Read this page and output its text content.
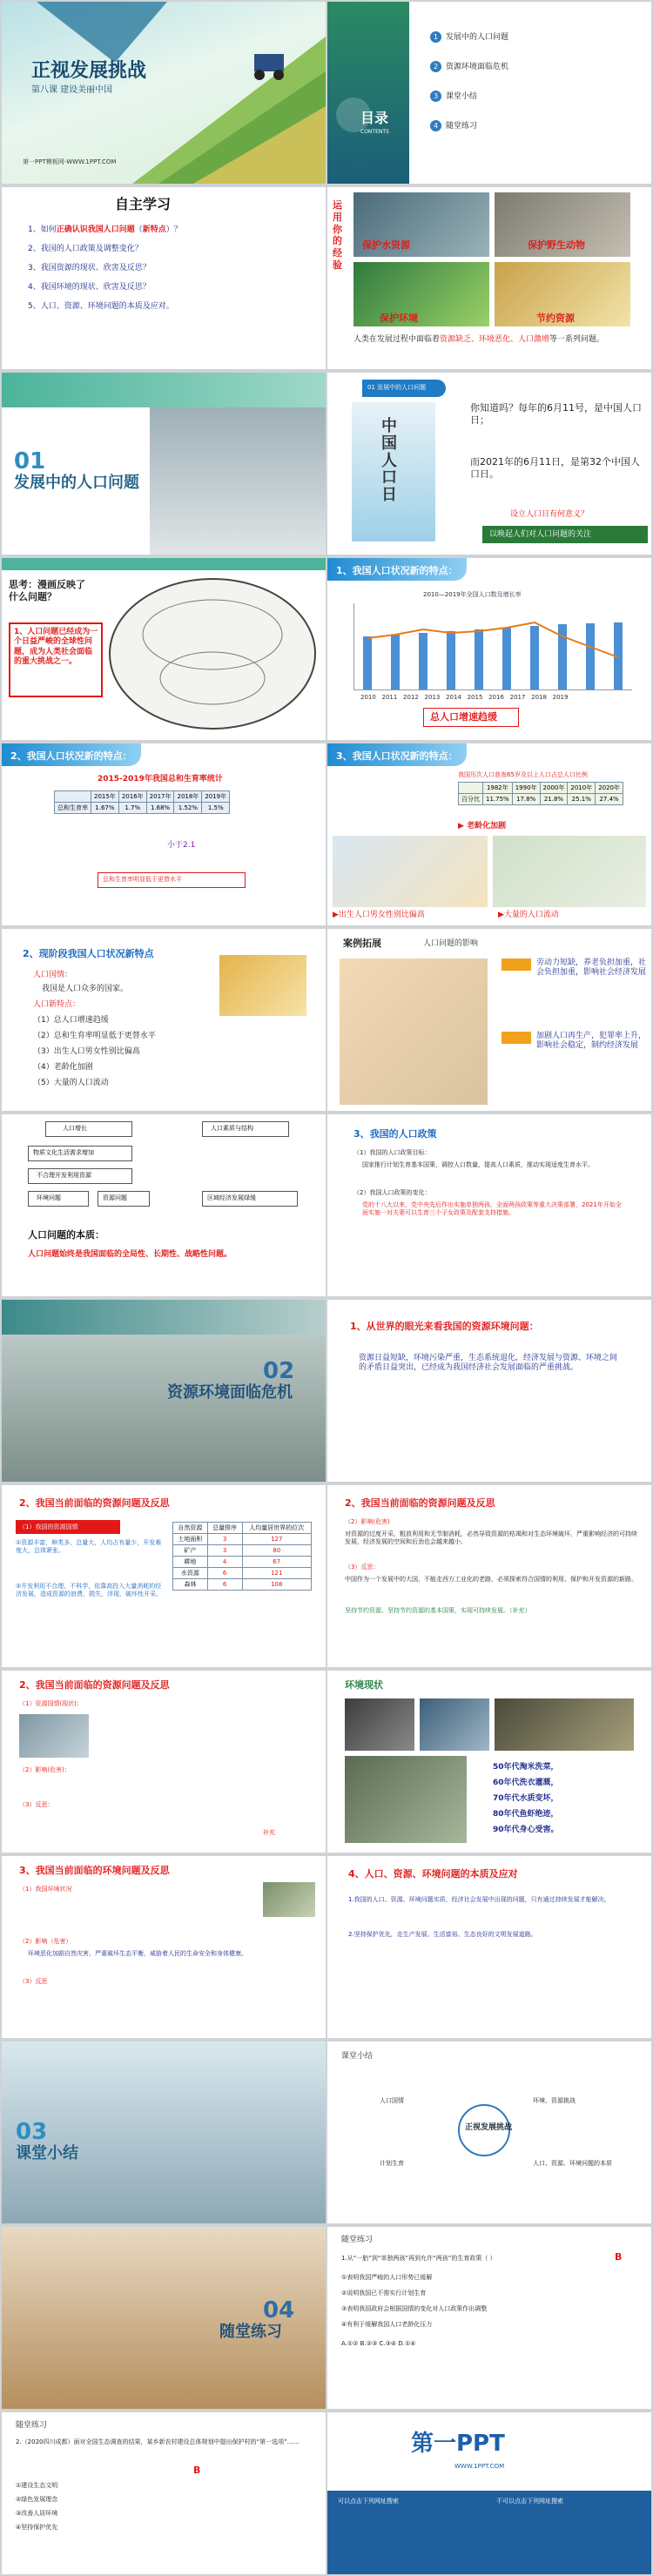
正视发展挑战
第八课 建设美丽中国
第一PPT模板网-WWW.1PPT.COM
目录
CONTENTS
1 发展中的人口问题
2 资源环境面临危机
3 课堂小结
4 随堂练习
自主学习
1、如何正确认识我国人口问题（新特点）？
2、我国的人口政策及调整变化？
3、我国资源的现状、欣害及反思？
4、我国环境的现状、欣害及反思？
5、人口、资源、环境问题的本质及应对。
运用你的经验
保护水资源	保护野生动物
保护环境	节约资源
人类在发展过程中面临着资源缺乏、环境恶化、人口激增等一系列问题。
01
发展中的人口问题
01 发展中的人口问题
中国人口日
你知道吗？每年的6月11号，是中国人口日；
而2021年的6月11日，是第32个中国人口日。
设立人口日有何意义？
以唤起人们对人口问题的关注
思考：漫画反映了什么问题？
1、人口问题已经成为一个日益严峻的全球性问题，成为人类社会面临的重大挑战之一。
1、我国人口状况新的特点：
2010—2019年全国人口数及增长率
2010 2011 2012 2013 2014 2015 2016 2017 2018 2019
总人口增速趋缓
2、我国人口状况新的特点：
2015-2019年我国总和生育率统计
	2015年	2016年	2017年	2018年	2019年
总和生育率	1.67%	1.7%	1.68%	1.52%	1.5%
小于2.1
总和生育率明显低于更替水平
3、我国人口状况新的特点：
我国历次人口普查65岁及以上人口占总人口比例
	1982年	1990年	2000年	2010年	2020年
百分比	11.75%	17.8%	21.8%	25.1%	27.4%
▶ 老龄化加剧
▶出生人口男女性别比偏高	▶大量的人口流动
2、现阶段我国人口状况新特点
人口国情：
我国是人口众多的国家。
人口新特点：
（1）总人口增速趋缓
（2）总和生育率明显低于更替水平
（3）出生人口男女性别比偏高
（4）老龄化加剧
（5）大量的人口流动
案例拓展	人口问题的影响
劳动力短缺，养老负担加重，社会负担加重，影响社会经济发展
加剧人口再生产，犯罪率上升，影响社会稳定，制约经济发展
人口增长	人口素质与结构
物质文化生活需求增加
不合理开发利用资源
环境问题	区域经济发展绿缓
资源问题
人口问题的本质：
人口问题始终是我国面临的全局性、长期性、战略性问题。
3、我国的人口政策
（1）我国的人口政策目标：
国家推行计划生育基本国策，调控人口数量，提高人口素质，推动实现适度生育水平。
（2）我国人口政策的变化：
党的十八大以来，党中央先后作出实施单独两孩、全面两孩政策等重大决策部署，2021年开始全面实施一对夫妻可以生育三个子女政策及配套支持措施。
02
资源环境面临危机
1、从世界的眼光来看我国的资源环境问题：
资源日益短缺，环境污染严重，生态系统退化，经济发展与资源、环境之间的矛盾日益突出，已经成为我国经济社会发展面临的严重挑战。
2、我国当前面临的资源问题及反思
（1）我国的资源国情
①资源丰富，种类多，总量大，人均占有量少，开发难度大，总体紧张。
②开发利用不合理，不科学，依靠高投入大量消耗的经济发展，造成资源的浪费，损失，浮现，破坏性开采。
自然资源	总量排序	人均量居世界的位次
土地面积	3	127
矿产	3	80
耕地	4	67
水资源	6	121
森林	6	108
2、我国当前面临的资源问题及反思
（2）影响(危害)
对资源的过度开采，粗放利用和无节制消耗，必然导致资源的枯竭和对生态环境破坏，严重影响经济的可持续发展，经济发展的空间和后劲也会越来越小。
（3）反思：
中国作为一个发展中的大国，不能走西方工业化的老路，必须探索符合国情的利用、保护和开发资源的新路。
坚持节约资源，坚持节约资源的基本国策，实现可持续发展。（补充）
2、我国当前面临的资源问题及反思
（1）资源国情(现状)：
（2）影响(危害)：
（3）反思：
补充
环境现状
50年代淘米洗菜，
60年代洗衣灌溉，
70年代水质变坏，
80年代鱼虾绝迹，
90年代身心受害。
3、我国当前面临的环境问题及反思
（1）我国环境状况
（2）影响（危害）
环境恶化加剧自然灾害，严重破坏生态平衡，威胁着人民的生命安全和身体健康。
（3）反思
4、人口、资源、环境问题的本质及应对
1.我国的人口、资源、环境问题实质，经济社会发展中出现的问题，只有通过持续发展才能解决。
2.坚持保护优先，走生产发展、生活富裕、生态良好的文明发展道路。
03
课堂小结
课堂小结
正视发展挑战
人口国情
计划生育
环境、资源挑战
人口、资源、环境问题的本质
04
随堂练习
随堂练习
1.从“一胎”到“单独两孩”再到允许“两孩”的生育政策（ ）	B
①表明我国严峻的人口形势已缓解
②说明我国已不需实行计划生育
③表明我国政府会根据国情的变化对人口政策作出调整
④有利于缓解我国人口老龄化压力
A.①② B.②③ C.③④ D.①④
随堂练习
2.（2020四川成都）面对全国生态调查的结果，某乡新农村建设总体规划中提出保护村的“第一选项”……
B
①建设生态文明
②绿色发展理念
③改善人居环境
④坚持保护优先
第一PPT
WWW.1PPT.COM
可以点击下列网址搜索	不可以点击下列网址搜索
